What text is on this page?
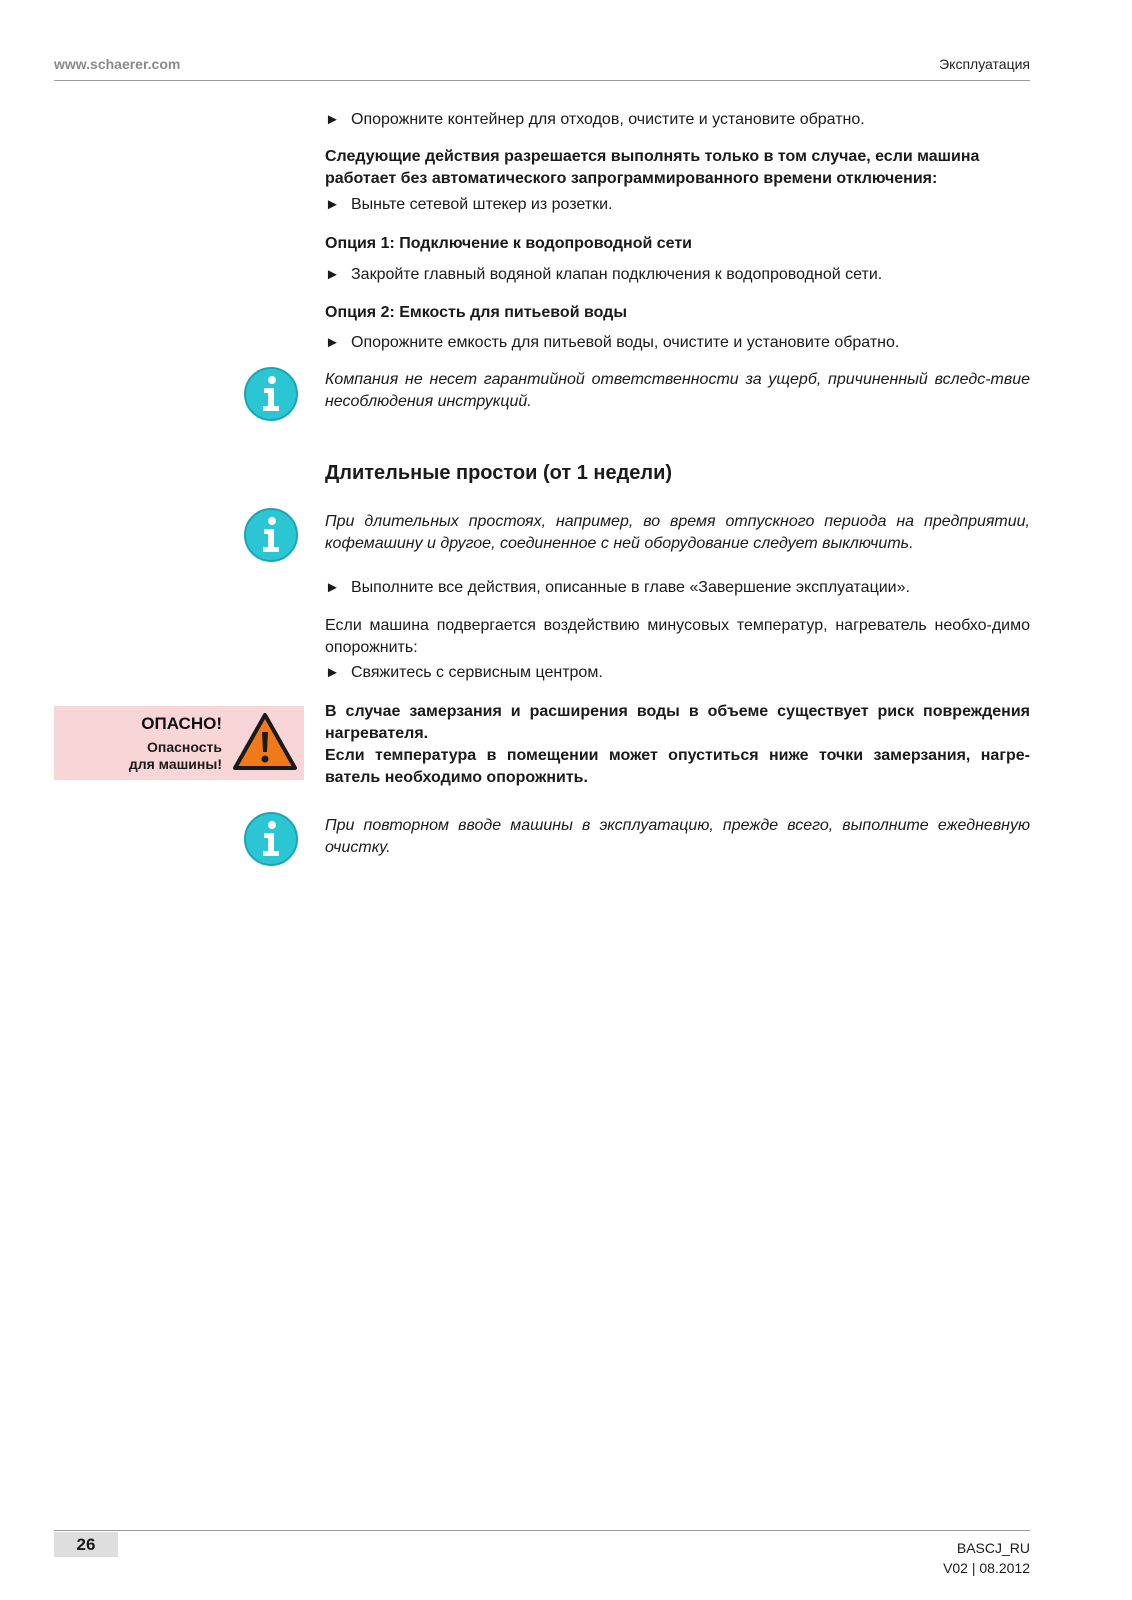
www.schaerer.com	Эксплуатация
► Опорожните контейнер для отходов, очистите и установите обратно.

Следующие действия разрешается выполнять только в том случае, если машина работает без автоматического запрограммированного времени отключения:

► Выньте сетевой штекер из розетки.

Опция 1: Подключение к водопроводной сети

► Закройте главный водяной клапан подключения к водопроводной сети.

Опция 2: Емкость для питьевой воды

► Опорожните емкость для питьевой воды, очистите и установите обратно.

Компания не несет гарантийной ответственности за ущерб, причиненный вследс-твие несоблюдения инструкций.

Длительные простои (от 1 недели)

При длительных простоях, например, во время отпускного периода на предприятии, кофемашину и другое, соединенное с ней оборудование следует выключить.

► Выполните все действия, описанные в главе «Завершение эксплуатации».

Если машина подвергается воздействию минусовых температур, нагреватель необхо-димо опорожнить:

► Свяжитесь с сервисным центром.
ОПАСНО!
Опасность
для машины!

В случае замерзания и расширения воды в объеме существует риск повреждения нагревателя.

Если температура в помещении может опуститься ниже точки замерзания, нагре-ватель необходимо опорожнить.

При повторном вводе машины в эксплуатацию, прежде всего, выполните ежедневную очистку.

26	BASCJ_RU
V02 | 08.2012
